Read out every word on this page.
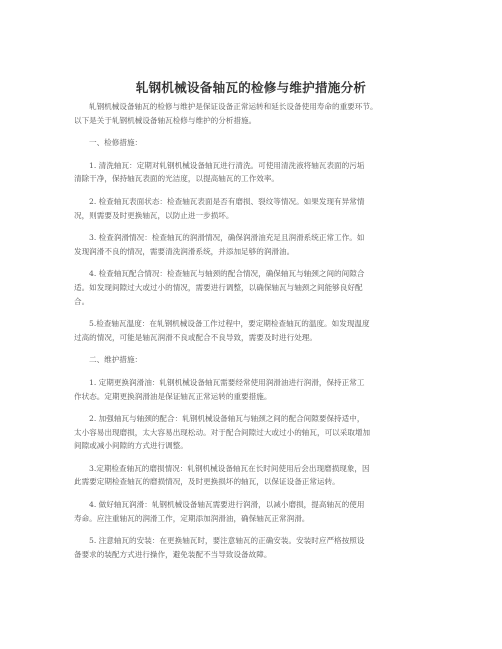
轧钢机械设备轴瓦的检修与维护措施分析

轧钢机械设备轴瓦的检修与维护是保证设备正常运转和延长设备使用寿命的重要环节。
以下是关于轧钢机械设备轴瓦检修与维护的分析措施。

一、检修措施：

1. 清洗轴瓦：定期对轧钢机械设备轴瓦进行清洗。可使用清洗液将轴瓦表面的污垢
清除干净，保持轴瓦表面的光洁度，以提高轴瓦的工作效率。

2. 检查轴瓦表面状态：检查轴瓦表面是否有磨损、裂纹等情况。如果发现有异常情
况，则需要及时更换轴瓦，以防止进一步损坏。

3. 检查润滑情况：检查轴瓦的润滑情况，确保润滑油充足且润滑系统正常工作。如
发现润滑不良的情况，需要清洗润滑系统，并添加足够的润滑油。

4. 检查轴瓦配合情况：检查轴瓦与轴颈的配合情况，确保轴瓦与轴颈之间的间隙合
适。如发现间隙过大或过小的情况，需要进行调整，以确保轴瓦与轴颈之间能够良好配
合。

5.检查轴瓦温度：在轧钢机械设备工作过程中，要定期检查轴瓦的温度。如发现温度
过高的情况，可能是轴瓦润滑不良或配合不良导致，需要及时进行处理。

二、维护措施：

1. 定期更换润滑油：轧钢机械设备轴瓦需要经常使用润滑油进行润滑，保持正常工
作状态。定期更换润滑油是保证轴瓦正常运转的重要措施。

2. 加强轴瓦与轴颈的配合：轧钢机械设备轴瓦与轴颈之间的配合间隙要保持适中，
太小容易出现磨损，太大容易出现松动。对于配合间隙过大或过小的轴瓦，可以采取增加
间隙或减小间隙的方式进行调整。

3.定期检查轴瓦的磨损情况：轧钢机械设备轴瓦在长时间使用后会出现磨损现象，因
此需要定期检查轴瓦的磨损情况，及时更换损坏的轴瓦，以保证设备正常运转。

4. 做好轴瓦润滑：轧钢机械设备轴瓦需要进行润滑，以减小磨损，提高轴瓦的使用
寿命。应注重轴瓦的润滑工作，定期添加润滑油，确保轴瓦正常润滑。

5. 注意轴瓦的安装：在更换轴瓦时，要注意轴瓦的正确安装。安装时应严格按照设
备要求的装配方式进行操作，避免装配不当导致设备故障。
